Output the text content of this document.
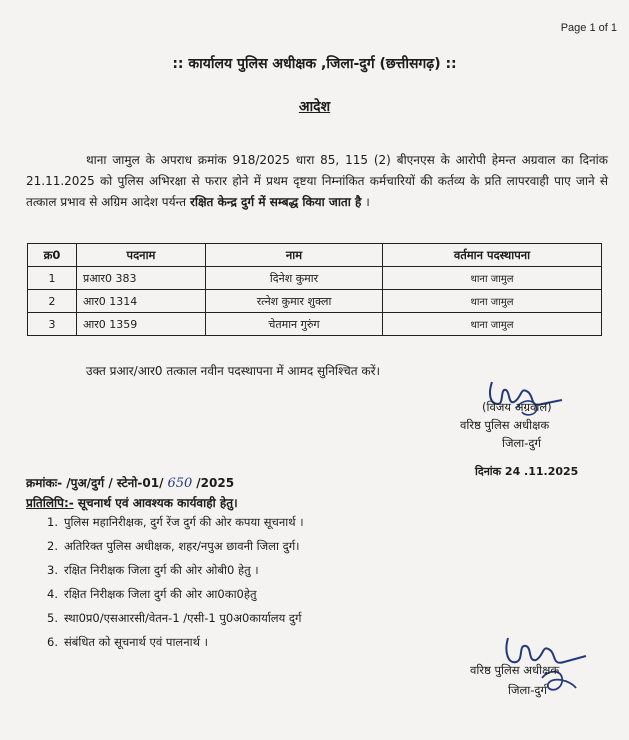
Page 1 of 1
:: कार्यालय पुलिस अधीक्षक ,जिला-दुर्ग (छत्तीसगढ़) ::
आदेश
थाना जामुल के अपराध क्रमांक 918/2025 धारा 85, 115 (2) बीएनएस के आरोपी हेमन्त अग्रवाल का दिनांक 21.11.2025 को पुलिस अभिरक्षा से फरार होने में प्रथम दृष्टया निम्नांकित कर्मचारियों की कर्तव्य के प्रति लापरवाही पाए जाने से तत्काल प्रभाव से अग्रिम आदेश पर्यन्त रक्षित केन्द्र दुर्ग में सम्बद्ध किया जाता है ।
क्र0	पदनाम	नाम	वर्तमान पदस्थापना
1	प्रआर0 383	दिनेश कुमार	थाना जामुल
2	आर0 1314	रत्नेश कुमार शुक्ला	थाना जामुल
3	आर0 1359	चेतमान गुरुंग	थाना जामुल
उक्त प्रआर/आर0 तत्काल नवीन पदस्थापना में आमद सुनिश्चित करें।
(विजय अग्रवाल)
वरिष्ठ पुलिस अधीक्षक
जिला-दुर्ग
दिनांक 24 .11.2025
क्रमांकः- /पुअ/दुर्ग / स्टेनो-01/ 650 /2025
प्रतिलिपि:- सूचनार्थ एवं आवश्यक कार्यवाही हेतु।
1. पुलिस महानिरीक्षक, दुर्ग रेंज दुर्ग की ओर कपया सूचनार्थ ।
2. अतिरिक्त पुलिस अधीक्षक, शहर/नपुअ छावनी जिला दुर्ग।
3. रक्षित निरीक्षक जिला दुर्ग की ओर ओबी0 हेतु ।
4. रक्षित निरीक्षक जिला दुर्ग की ओर आ0का0हेतु
5. स्था0प्र0/एसआरसी/वेतन-1 /एसी-1 पु0अ0कार्यालय दुर्ग
6. संबंधित को सूचनार्थ एवं पालनार्थ ।
वरिष्ठ पुलिस अधीक्षक
जिला-दुर्ग
